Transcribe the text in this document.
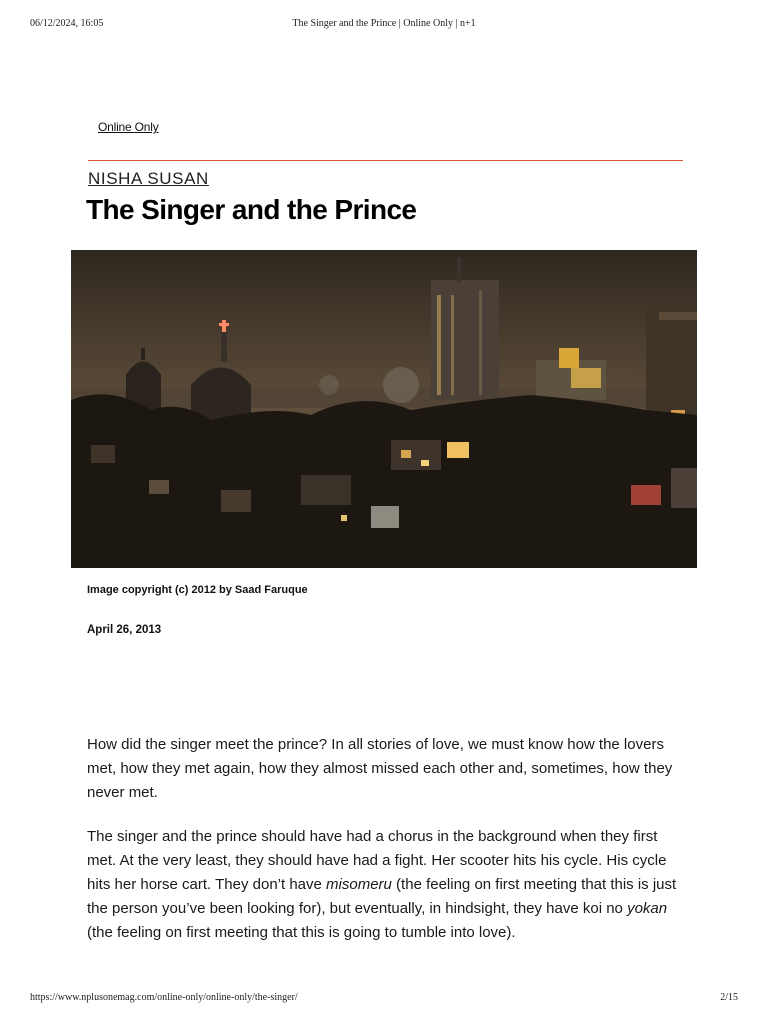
06/12/2024, 16:05	The Singer and the Prince | Online Only | n+1
Online Only
NISHA SUSAN
The Singer and the Prince
Image copyright (c) 2012 by Saad Faruque
April 26, 2013

How did the singer meet the prince? In all stories of love, we must know how the lovers met, how they met again, how they almost missed each other and, sometimes, how they never met.

The singer and the prince should have had a chorus in the background when they first met. At the very least, they should have had a fight. Her scooter hits his cycle. His cycle hits her horse cart. They don’t have misomeru (the feeling on first meeting that this is just the person you’ve been looking for), but eventually, in hindsight, they have koi no yokan (the feeling on first meeting that this is going to tumble into love).

https://www.nplusonemag.com/online-only/online-only/the-singer/	2/15
